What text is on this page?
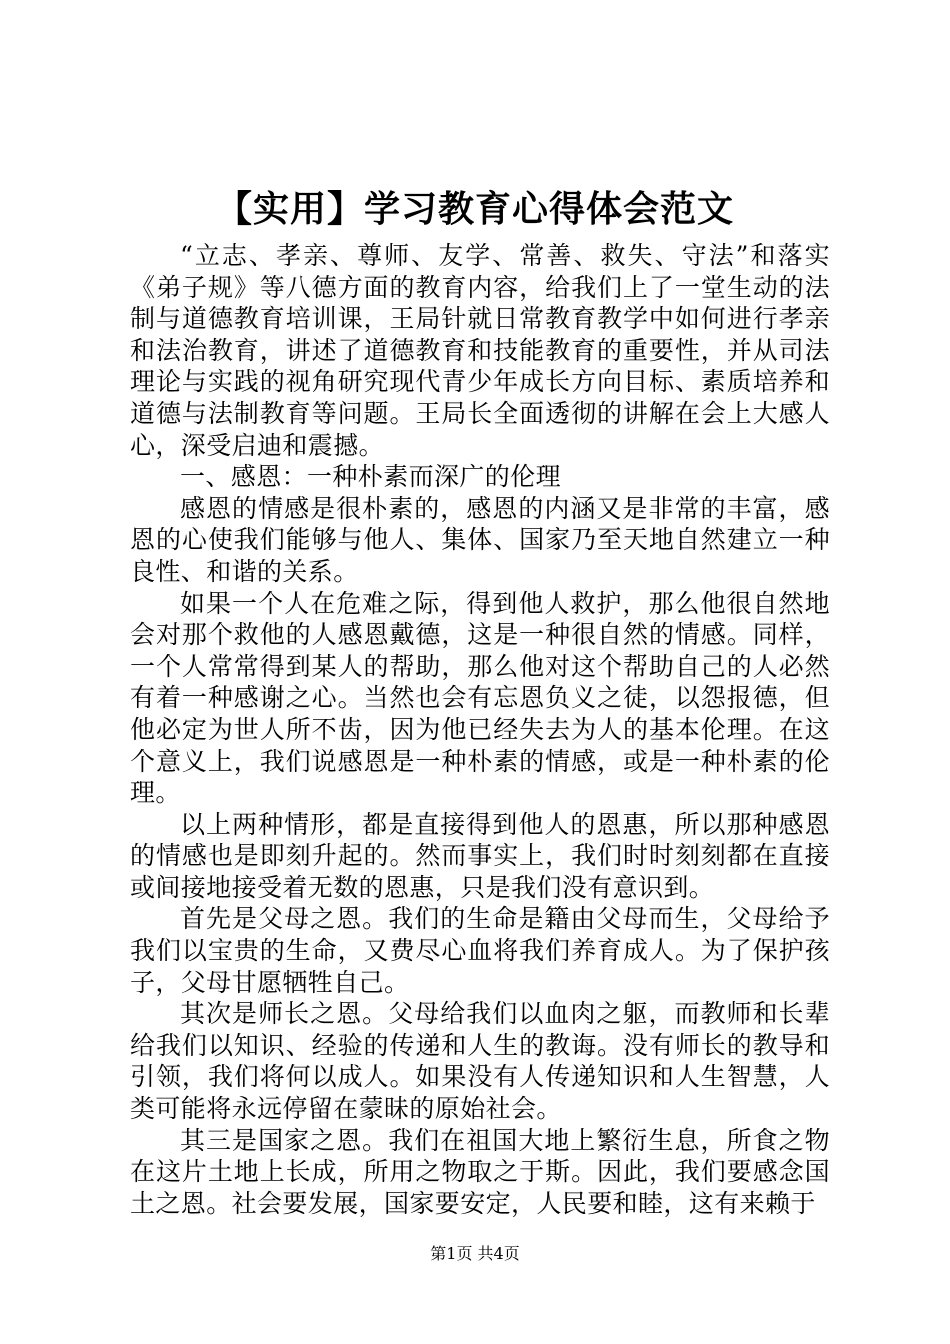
【实用】学习教育心得体会范文

“立志、孝亲、尊师、友学、常善、救失、守法”和落实《弟子规》等八德方面的教育内容，给我们上了一堂生动的法制与道德教育培训课，王局针就日常教育教学中如何进行孝亲和法治教育，讲述了道德教育和技能教育的重要性，并从司法理论与实践的视角研究现代青少年成长方向目标、素质培养和道德与法制教育等问题。王局长全面透彻的讲解在会上大感人心，深受启迪和震撼。

一、感恩：一种朴素而深广的伦理

感恩的情感是很朴素的，感恩的内涵又是非常的丰富，感恩的心使我们能够与他人、集体、国家乃至天地自然建立一种良性、和谐的关系。

如果一个人在危难之际，得到他人救护，那么他很自然地会对那个救他的人感恩戴德，这是一种很自然的情感。同样，一个人常常得到某人的帮助，那么他对这个帮助自己的人必然有着一种感谢之心。当然也会有忘恩负义之徒，以怨报德，但他必定为世人所不齿，因为他已经失去为人的基本伦理。在这个意义上，我们说感恩是一种朴素的情感，或是一种朴素的伦理。

以上两种情形，都是直接得到他人的恩惠，所以那种感恩的情感也是即刻升起的。然而事实上，我们时时刻刻都在直接或间接地接受着无数的恩惠，只是我们没有意识到。

首先是父母之恩。我们的生命是籍由父母而生，父母给予我们以宝贵的生命，又费尽心血将我们养育成人。为了保护孩子，父母甘愿牺牲自己。

其次是师长之恩。父母给我们以血肉之躯，而教师和长辈给我们以知识、经验的传递和人生的教诲。没有师长的教导和引领，我们将何以成人。如果没有人传递知识和人生智慧，人类可能将永远停留在蒙昧的原始社会。

其三是国家之恩。我们在祖国大地上繁衍生息，所食之物在这片土地上长成，所用之物取之于斯。因此，我们要感念国土之恩。社会要发展，国家要安定，人民要和睦，这有来赖于

第1页 共4页
